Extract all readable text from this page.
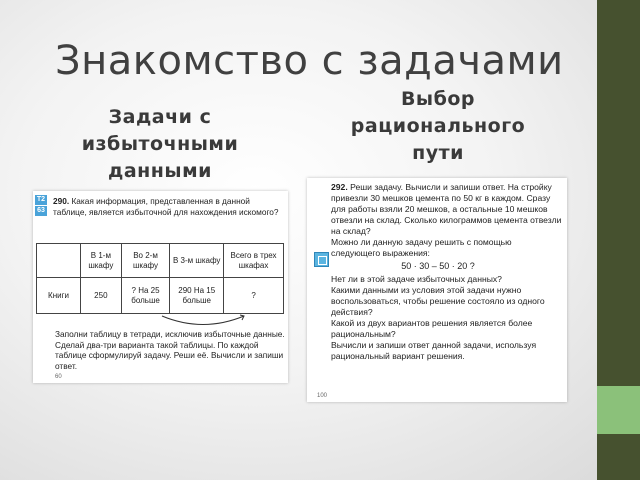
Знакомство с задачами
Задачи с избыточными данными
Выбор рационального пути
Т2
63
290. Какая информация, представленная в данной таблице, является избыточной для нахождения искомого?
	В 1-м шкафу	Во 2-м шкафу	В 3-м шкафу	Всего в трех шкафах
Книги	250	? На 25 больше	290 На 15 больше	?
Заполни таблицу в тетради, исключив избыточные данные. Сделай два-три варианта такой таблицы. По каждой таблице сформулируй задачу. Реши её. Вычисли и запиши ответ.
60
292. Реши задачу. Вычисли и запиши ответ. На стройку привезли 30 мешков цемента по 50 кг в каждом. Сразу для работы взяли 20 мешков, а остальные 10 мешков отвезли на склад. Сколько килограммов цемента отвезли на склад?
Можно ли данную задачу решить с помощью следующего выражения:
50 · 30 – 50 · 20 ?
Нет ли в этой задаче избыточных данных?
Какими данными из условия этой задачи нужно воспользоваться, чтобы решение состояло из одного действия?
Какой из двух вариантов решения является более рациональным?
Вычисли и запиши ответ данной задачи, используя рациональный вариант решения.
100
